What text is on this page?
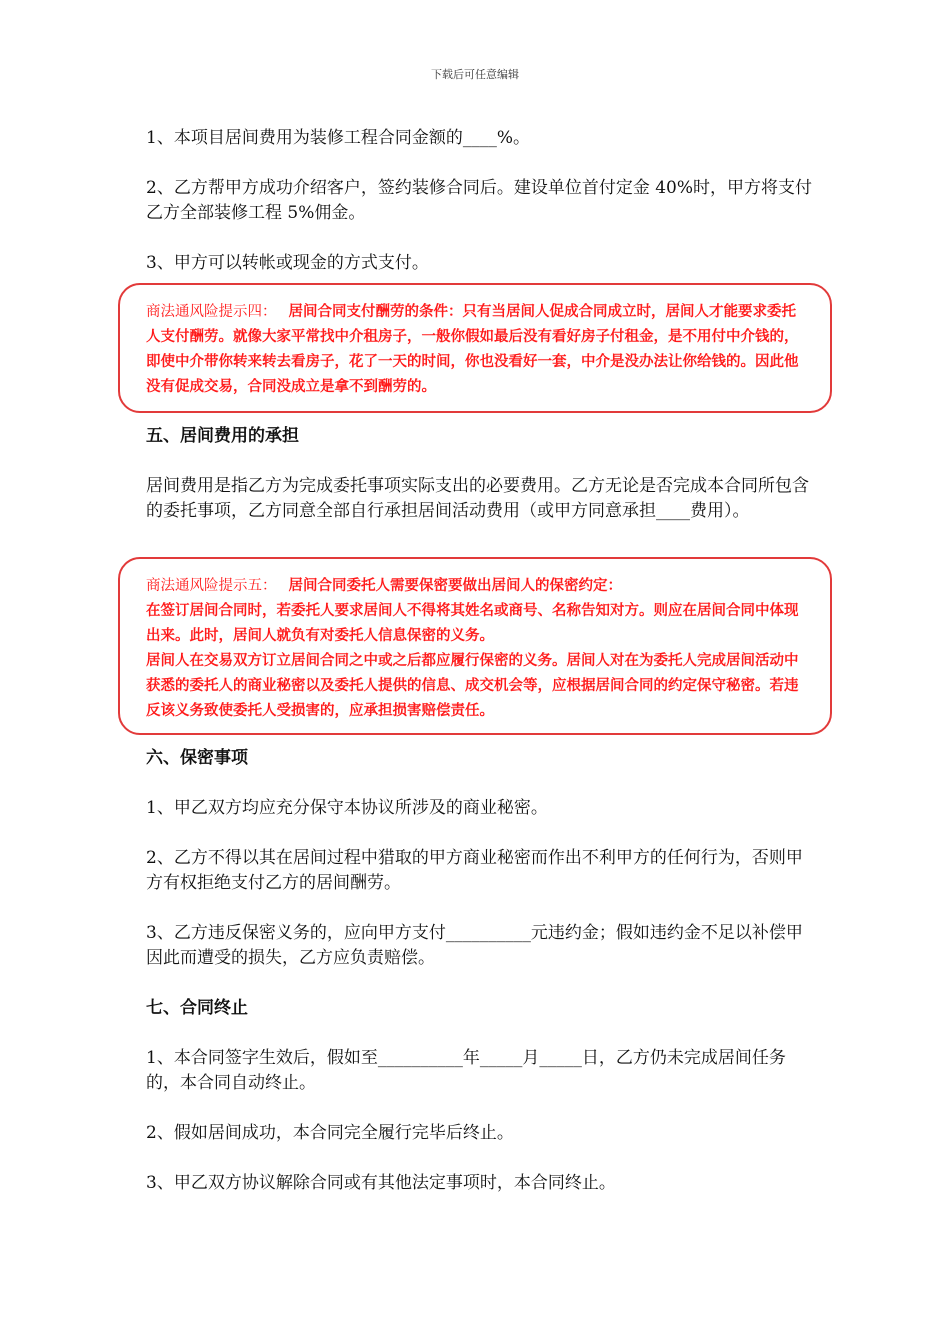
下载后可任意编辑

1、本项目居间费用为装修工程合同金额的____%。

2、乙方帮甲方成功介绍客户，签约装修合同后。建设单位首付定金 40%时，甲方将支付乙方全部装修工程 5%佣金。

3、甲方可以转帐或现金的方式支付。

商法通风险提示四： 居间合同支付酬劳的条件：只有当居间人促成合同成立时，居间人才能要求委托人支付酬劳。就像大家平常找中介租房子，一般你假如最后没有看好房子付租金，是不用付中介钱的，即使中介带你转来转去看房子，花了一天的时间，你也没看好一套，中介是没办法让你给钱的。因此他没有促成交易，合同没成立是拿不到酬劳的。

五、居间费用的承担

居间费用是指乙方为完成委托事项实际支出的必要费用。乙方无论是否完成本合同所包含的委托事项，乙方同意全部自行承担居间活动费用（或甲方同意承担____费用）。

商法通风险提示五： 居间合同委托人需要保密要做出居间人的保密约定：

在签订居间合同时，若委托人要求居间人不得将其姓名或商号、名称告知对方。则应在居间合同中体现出来。此时，居间人就负有对委托人信息保密的义务。

居间人在交易双方订立居间合同之中或之后都应履行保密的义务。居间人对在为委托人完成居间活动中获悉的委托人的商业秘密以及委托人提供的信息、成交机会等，应根据居间合同的约定保守秘密。若违反该义务致使委托人受损害的，应承担损害赔偿责任。

六、保密事项

1、甲乙双方均应充分保守本协议所涉及的商业秘密。

2、乙方不得以其在居间过程中猎取的甲方商业秘密而作出不利甲方的任何行为，否则甲方有权拒绝支付乙方的居间酬劳。

3、乙方违反保密义务的，应向甲方支付__________元违约金；假如违约金不足以补偿甲因此而遭受的损失，乙方应负责赔偿。

七、合同终止

1、本合同签字生效后，假如至__________年_____月_____日，乙方仍未完成居间任务的，本合同自动终止。

2、假如居间成功，本合同完全履行完毕后终止。

3、甲乙双方协议解除合同或有其他法定事项时，本合同终止。
